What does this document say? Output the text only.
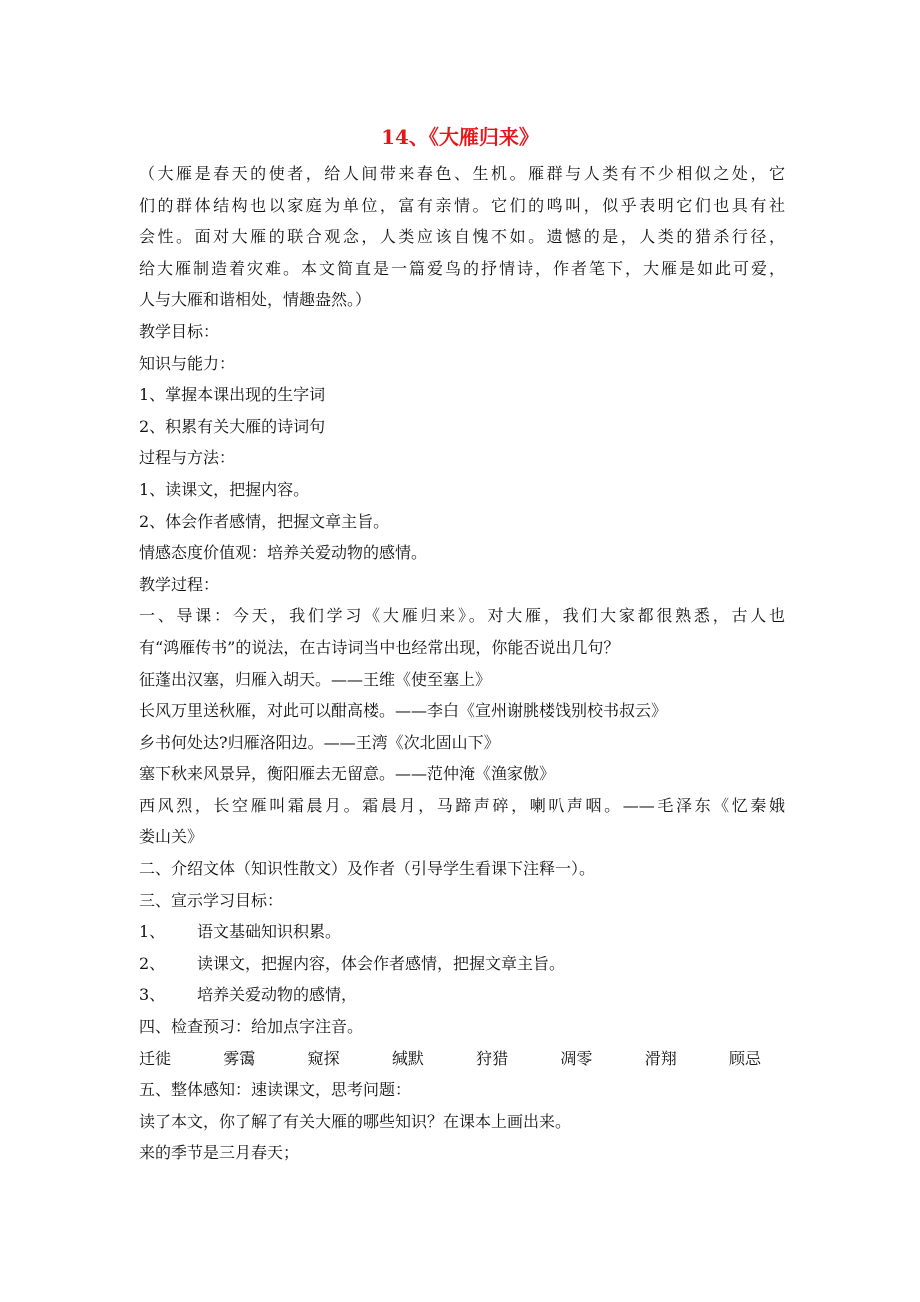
14、《大雁归来》
（大雁是春天的使者，给人间带来春色、生机。雁群与人类有不少相似之处，它
们的群体结构也以家庭为单位，富有亲情。它们的鸣叫，似乎表明它们也具有社
会性。面对大雁的联合观念，人类应该自愧不如。遗憾的是，人类的猎杀行径，
给大雁制造着灾难。本文简直是一篇爱鸟的抒情诗，作者笔下，大雁是如此可爱，
人与大雁和谐相处，情趣盎然。）
教学目标：
知识与能力：
1、掌握本课出现的生字词
2、积累有关大雁的诗词句
过程与方法：
1、读课文，把握内容。
2、体会作者感情，把握文章主旨。
情感态度价值观：培养关爱动物的感情。
教学过程：
一、导课：今天，我们学习《大雁归来》。对大雁，我们大家都很熟悉，古人也
有“鸿雁传书”的说法，在古诗词当中也经常出现，你能否说出几句？
征蓬出汉塞，归雁入胡天。——王维《使至塞上》
长风万里送秋雁，对此可以酣高楼。——李白《宣州谢朓楼饯别校书叔云》
乡书何处达?归雁洛阳边。——王湾《次北固山下》
塞下秋来风景异，衡阳雁去无留意。——范仲淹《渔家傲》
西风烈，长空雁叫霜晨月。霜晨月，马蹄声碎，喇叭声咽。——毛泽东《忆秦娥
娄山关》
二、介绍文体（知识性散文）及作者（引导学生看课下注释一）。
三、宣示学习目标：
1、 语文基础知识积累。
2、 读课文，把握内容，体会作者感情，把握文章主旨。
3、 培养关爱动物的感情，
四、检查预习：给加点字注音。
迁徙	雾霭	窥探	缄默	狩猎	凋零	滑翔	顾忌
五、整体感知：速读课文，思考问题：
读了本文，你了解了有关大雁的哪些知识？在课本上画出来。
来的季节是三月春天；
